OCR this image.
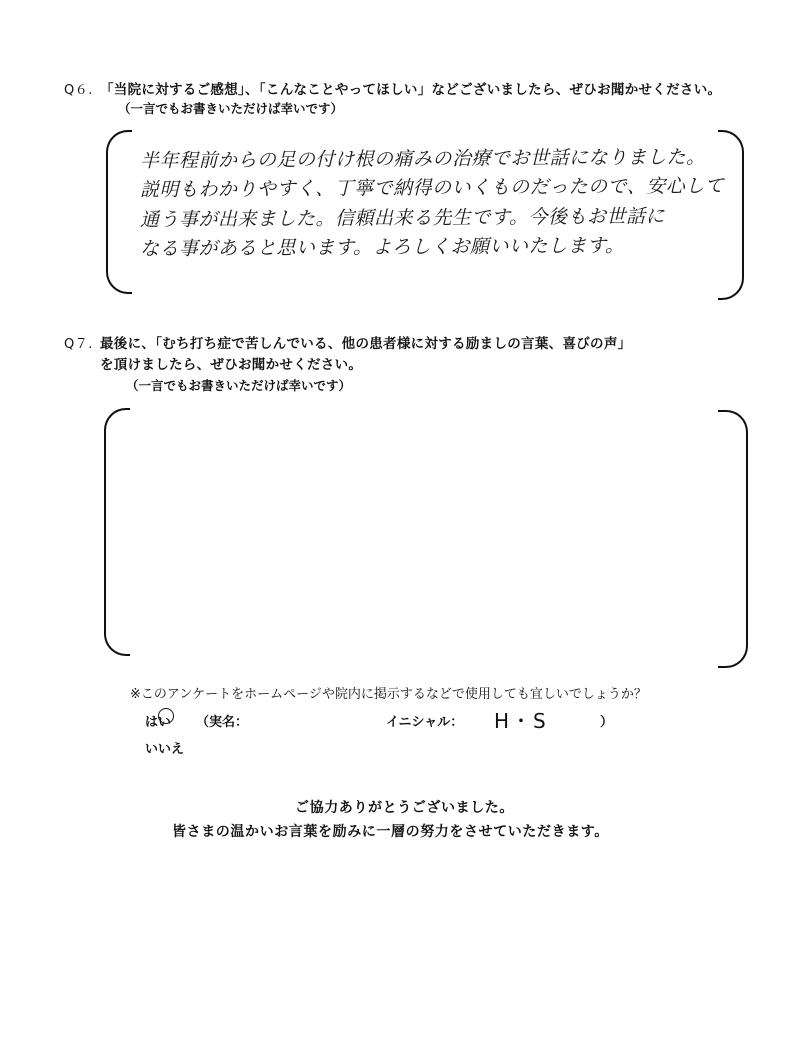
Q６. 「当院に対するご感想」、「こんなことやってほしい」などございましたら、ぜひお聞かせください。
（一言でもお書きいただけば幸いです）
半年程前からの足の付け根の痛みの治療でお世話になりました。
説明もわかりやすく、丁寧で納得のいくものだったので、安心して
通う事が出来ました。信頼出来る先生です。今後もお世話に
なる事があると思います。よろしくお願いいたします。
Q７. 最後に、「むち打ち症で苦しんでいる、他の患者様に対する励ましの言葉、喜びの声」
を頂けましたら、ぜひお聞かせください。
（一言でもお書きいただけば幸いです）
※このアンケートをホームページや院内に掲示するなどで使用しても宜しいでしょうか？
はい （実名：	イニシャル： H・S	）
いいえ
ご協力ありがとうございました。
皆さまの温かいお言葉を励みに一層の努力をさせていただきます。
